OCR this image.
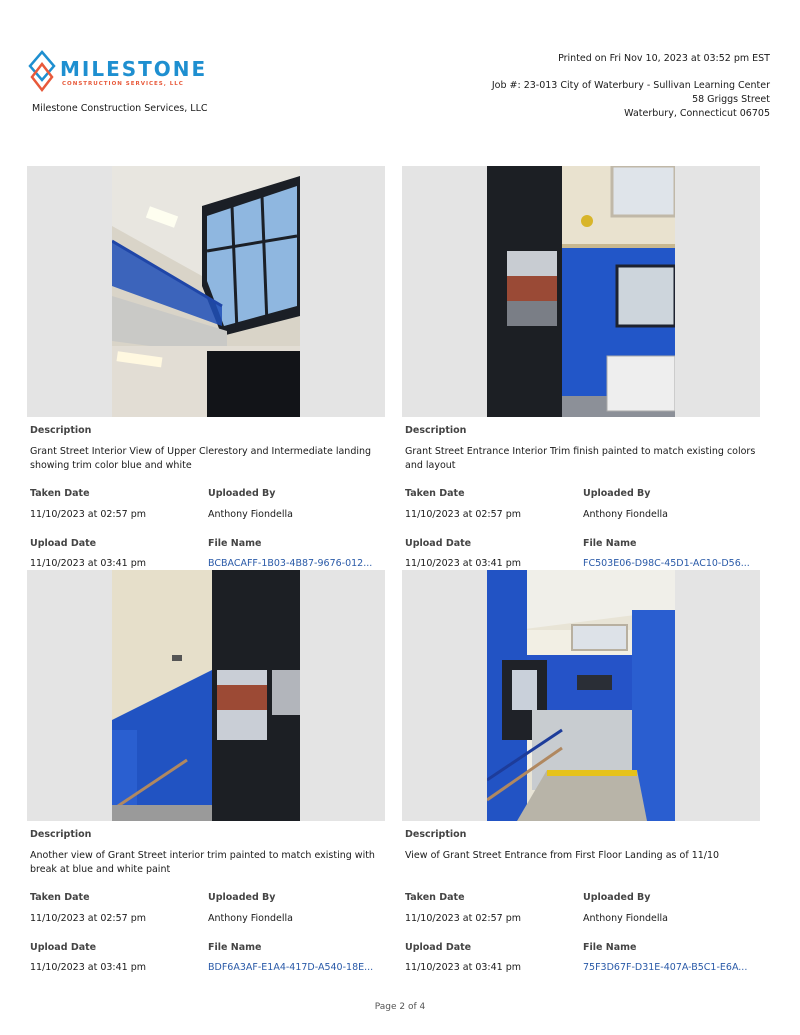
MILESTONE
CONSTRUCTION SERVICES, LLC
Milestone Construction Services, LLC
Printed on Fri Nov 10, 2023 at 03:52 pm EST
Job #: 23-013 City of Waterbury - Sullivan Learning Center
58 Griggs Street
Waterbury, Connecticut 06705
Description
Grant Street Interior View of Upper Clerestory and Intermediate landing showing trim color blue and white
Taken Date	Uploaded By
11/10/2023 at 02:57 pm	Anthony Fiondella
Upload Date	File Name
11/10/2023 at 03:41 pm	BCBACAFF-1B03-4B87-9676-012...
Description
Grant Street Entrance Interior Trim finish painted to match existing colors and layout
Taken Date	Uploaded By
11/10/2023 at 02:57 pm	Anthony Fiondella
Upload Date	File Name
11/10/2023 at 03:41 pm	FC503E06-D98C-45D1-AC10-D56...
Description
Another view of Grant Street interior trim painted to match existing with break at blue and white paint
Taken Date	Uploaded By
11/10/2023 at 02:57 pm	Anthony Fiondella
Upload Date	File Name
11/10/2023 at 03:41 pm	BDF6A3AF-E1A4-417D-A540-18E...
Description
View of Grant Street Entrance from First Floor Landing as of 11/10
Taken Date	Uploaded By
11/10/2023 at 02:57 pm	Anthony Fiondella
Upload Date	File Name
11/10/2023 at 03:41 pm	75F3D67F-D31E-407A-B5C1-E6A...
Page 2 of 4
